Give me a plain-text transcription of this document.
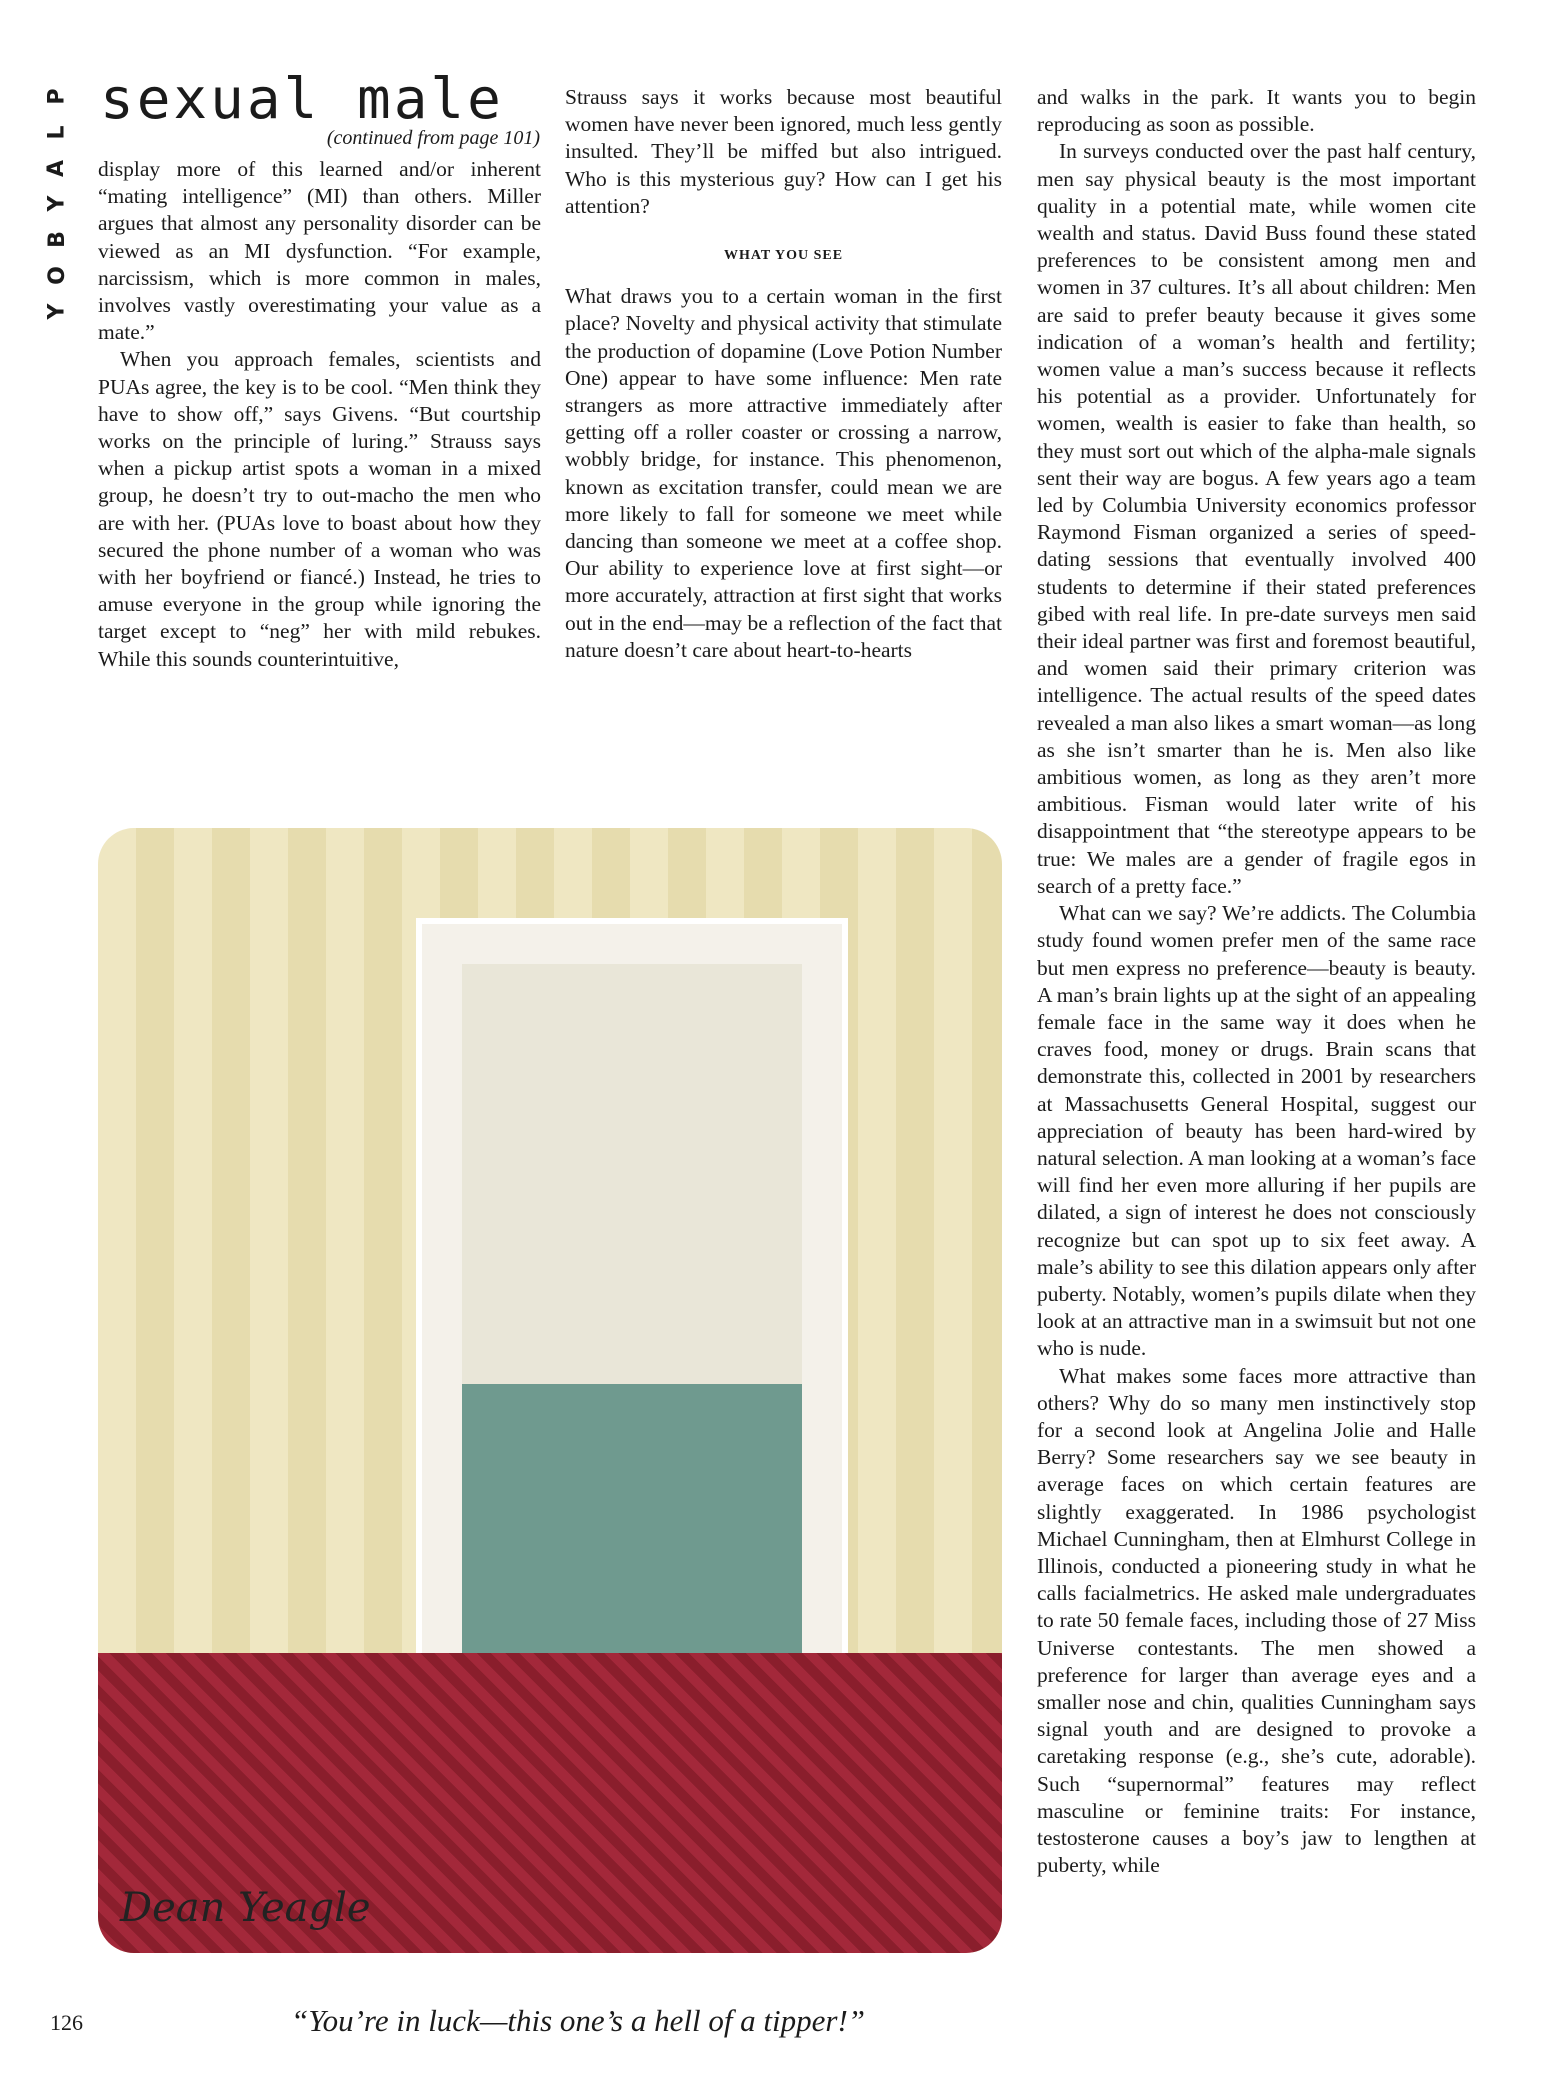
P
L
A
Y
B
O
Y
sexual male
(continued from page 101)

display more of this learned and/or inherent “mating intelligence” (MI) than others. Miller argues that almost any personality disorder can be viewed as an MI dysfunction. “For example, narcissism, which is more common in males, involves vastly overestimating your value as a mate.”

When you approach females, scientists and PUAs agree, the key is to be cool. “Men think they have to show off,” says Givens. “But courtship works on the principle of luring.” Strauss says when a pickup artist spots a woman in a mixed group, he doesn’t try to out-macho the men who are with her. (PUAs love to boast about how they secured the phone number of a woman who was with her boyfriend or fiancé.) Instead, he tries to amuse everyone in the group while ignoring the target except to “neg” her with mild rebukes. While this sounds counterintuitive,

Strauss says it works because most beautiful women have never been ignored, much less gently insulted. They’ll be miffed but also intrigued. Who is this mysterious guy? How can I get his attention?

WHAT YOU SEE

What draws you to a certain woman in the first place? Novelty and physical activity that stimulate the production of dopamine (Love Potion Number One) appear to have some influence: Men rate strangers as more attractive immediately after getting off a roller coaster or crossing a narrow, wobbly bridge, for instance. This phenomenon, known as excitation transfer, could mean we are more likely to fall for someone we meet while dancing than someone we meet at a coffee shop. Our ability to experience love at first sight—or more accurately, attraction at first sight that works out in the end—may be a reflection of the fact that nature doesn’t care about heart-to-hearts

and walks in the park. It wants you to begin reproducing as soon as possible.

In surveys conducted over the past half century, men say physical beauty is the most important quality in a potential mate, while women cite wealth and status. David Buss found these stated preferences to be consistent among men and women in 37 cultures. It’s all about children: Men are said to prefer beauty because it gives some indication of a woman’s health and fertility; women value a man’s success because it reflects his potential as a provider. Unfortunately for women, wealth is easier to fake than health, so they must sort out which of the alpha-male signals sent their way are bogus. A few years ago a team led by Columbia University economics professor Raymond Fisman organized a series of speed-dating sessions that eventually involved 400 students to determine if their stated preferences gibed with real life. In pre-date surveys men said their ideal partner was first and foremost beautiful, and women said their primary criterion was intelligence. The actual results of the speed dates revealed a man also likes a smart woman—as long as she isn’t smarter than he is. Men also like ambitious women, as long as they aren’t more ambitious. Fisman would later write of his disappointment that “the stereotype appears to be true: We males are a gender of fragile egos in search of a pretty face.”

What can we say? We’re addicts. The Columbia study found women prefer men of the same race but men express no preference—beauty is beauty. A man’s brain lights up at the sight of an appealing female face in the same way it does when he craves food, money or drugs. Brain scans that demonstrate this, collected in 2001 by researchers at Massachusetts General Hospital, suggest our appreciation of beauty has been hard-wired by natural selection. A man looking at a woman’s face will find her even more alluring if her pupils are dilated, a sign of interest he does not consciously recognize but can spot up to six feet away. A male’s ability to see this dilation appears only after puberty. Notably, women’s pupils dilate when they look at an attractive man in a swimsuit but not one who is nude.

What makes some faces more attractive than others? Why do so many men instinctively stop for a second look at Angelina Jolie and Halle Berry? Some researchers say we see beauty in average faces on which certain features are slightly exaggerated. In 1986 psychologist Michael Cunningham, then at Elmhurst College in Illinois, conducted a pioneering study in what he calls facialmetrics. He asked male undergraduates to rate 50 female faces, including those of 27 Miss Universe contestants. The men showed a preference for larger than average eyes and a smaller nose and chin, qualities Cunningham says signal youth and are designed to provoke a caretaking response (e.g., she’s cute, adorable). Such “supernormal” features may reflect masculine or feminine traits: For instance, testosterone causes a boy’s jaw to lengthen at puberty, while

Dean Yeagle
“You’re in luck—this one’s a hell of a tipper!”
126
